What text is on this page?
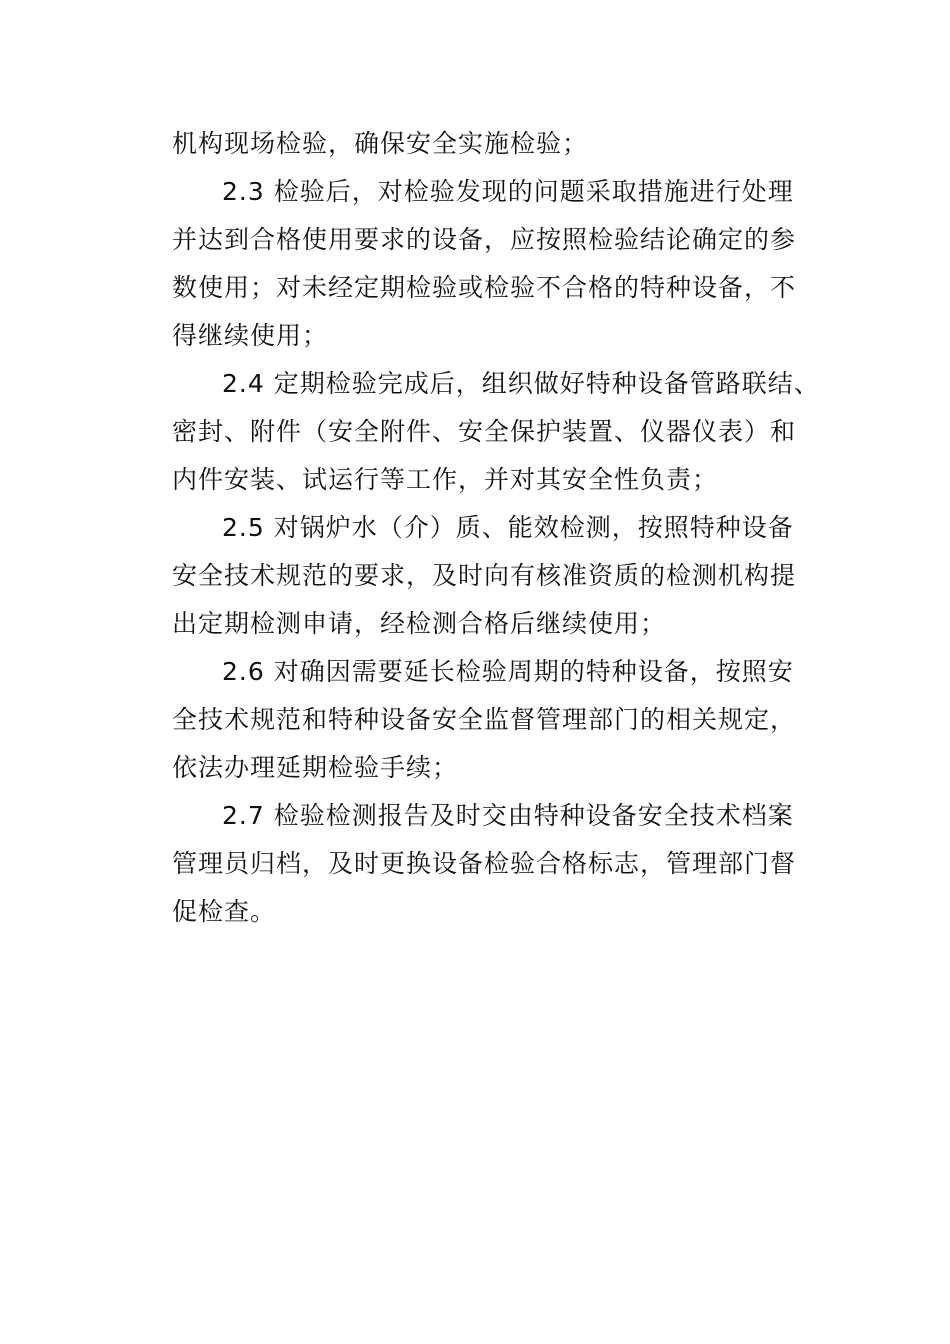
机构现场检验，确保安全实施检验；
2.3 检验后，对检验发现的问题采取措施进行处理
并达到合格使用要求的设备，应按照检验结论确定的参
数使用；对未经定期检验或检验不合格的特种设备，不
得继续使用；
2.4 定期检验完成后，组织做好特种设备管路联结、
密封、附件（安全附件、安全保护装置、仪器仪表）和
内件安装、试运行等工作，并对其安全性负责；
2.5 对锅炉水（介）质、能效检测，按照特种设备
安全技术规范的要求，及时向有核准资质的检测机构提
出定期检测申请，经检测合格后继续使用；
2.6 对确因需要延长检验周期的特种设备，按照安
全技术规范和特种设备安全监督管理部门的相关规定，
依法办理延期检验手续；
2.7 检验检测报告及时交由特种设备安全技术档案
管理员归档，及时更换设备检验合格标志，管理部门督
促检查。
